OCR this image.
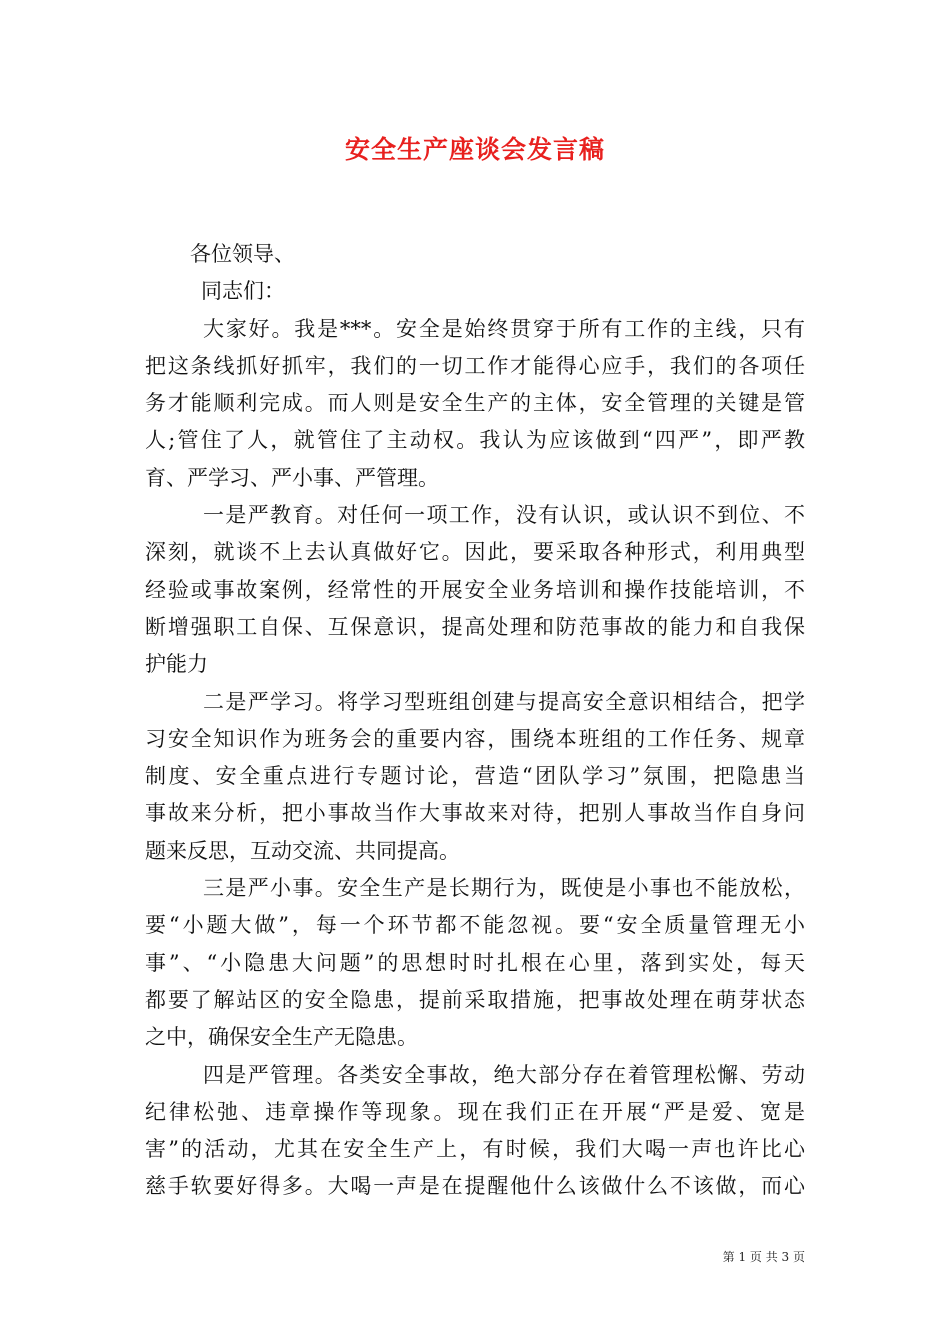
安全生产座谈会发言稿
各位领导、
同志们：
大家好。我是***。安全是始终贯穿于所有工作的主线，只有
把这条线抓好抓牢，我们的一切工作才能得心应手，我们的各项任
务才能顺利完成。而人则是安全生产的主体，安全管理的关键是管
人;管住了人，就管住了主动权。我认为应该做到“四严”，即严教
育、严学习、严小事、严管理。
一是严教育。对任何一项工作，没有认识，或认识不到位、不
深刻，就谈不上去认真做好它。因此，要采取各种形式，利用典型
经验或事故案例，经常性的开展安全业务培训和操作技能培训，不
断增强职工自保、互保意识，提高处理和防范事故的能力和自我保
护能力
二是严学习。将学习型班组创建与提高安全意识相结合，把学
习安全知识作为班务会的重要内容，围绕本班组的工作任务、规章
制度、安全重点进行专题讨论，营造“团队学习”氛围，把隐患当
事故来分析，把小事故当作大事故来对待，把别人事故当作自身问
题来反思，互动交流、共同提高。
三是严小事。安全生产是长期行为，既使是小事也不能放松，
要“小题大做”，每一个环节都不能忽视。要“安全质量管理无小
事”、“小隐患大问题”的思想时时扎根在心里，落到实处，每天
都要了解站区的安全隐患，提前采取措施，把事故处理在萌芽状态
之中，确保安全生产无隐患。
四是严管理。各类安全事故，绝大部分存在着管理松懈、劳动
纪律松弛、违章操作等现象。现在我们正在开展“严是爱、宽是
害”的活动，尤其在安全生产上，有时候，我们大喝一声也许比心
慈手软要好得多。大喝一声是在提醒他什么该做什么不该做，而心
第 1 页 共 3 页
